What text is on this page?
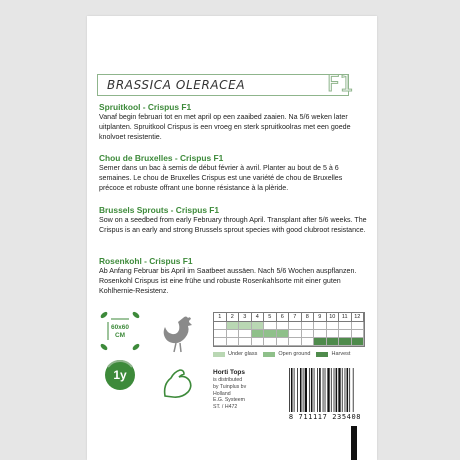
BRASSICA OLERACEA	F1
Spruitkool - Crispus F1

Vanaf begin februari tot en met april op een zaaibed zaaien. Na 5/6 weken later uitplanten. Spruitkool Crispus is een vroeg en sterk spruitkoolras met een goede knolvoet resistentie.

Chou de Bruxelles - Crispus F1

Semer dans un bac à semis de début février à avril. Planter au bout de 5 à 6 semaines. Le chou de Bruxelles Crispus est une variété de chou de Bruxelles précoce et robuste offrant une bonne résistance à la plèride.

Brussels Sprouts - Crispus F1

Sow on a seedbed from early February through April. Transplant after 5/6 weeks. The Crispus is an early and strong Brussels sprout species with good clubroot resistance.

Rosenkohl - Crispus F1

Ab Anfang Februar bis April im Saatbeet aussäen. Nach 5/6 Wochen auspflanzen. Rosenkohl Crispus ist eine frühe und robuste Rosenkahlsorte mit einer guten Kohlhernie-Resistenz.

60x60
CM
1y
1	2	3	4	5	6	7	8	9	10	11	12
Under glass	Open ground	Harvest
Horti Tops
is distributed
by Tuinplus bv
Holland
E.G. Systeem
ST. / H472
8 711117 235408
